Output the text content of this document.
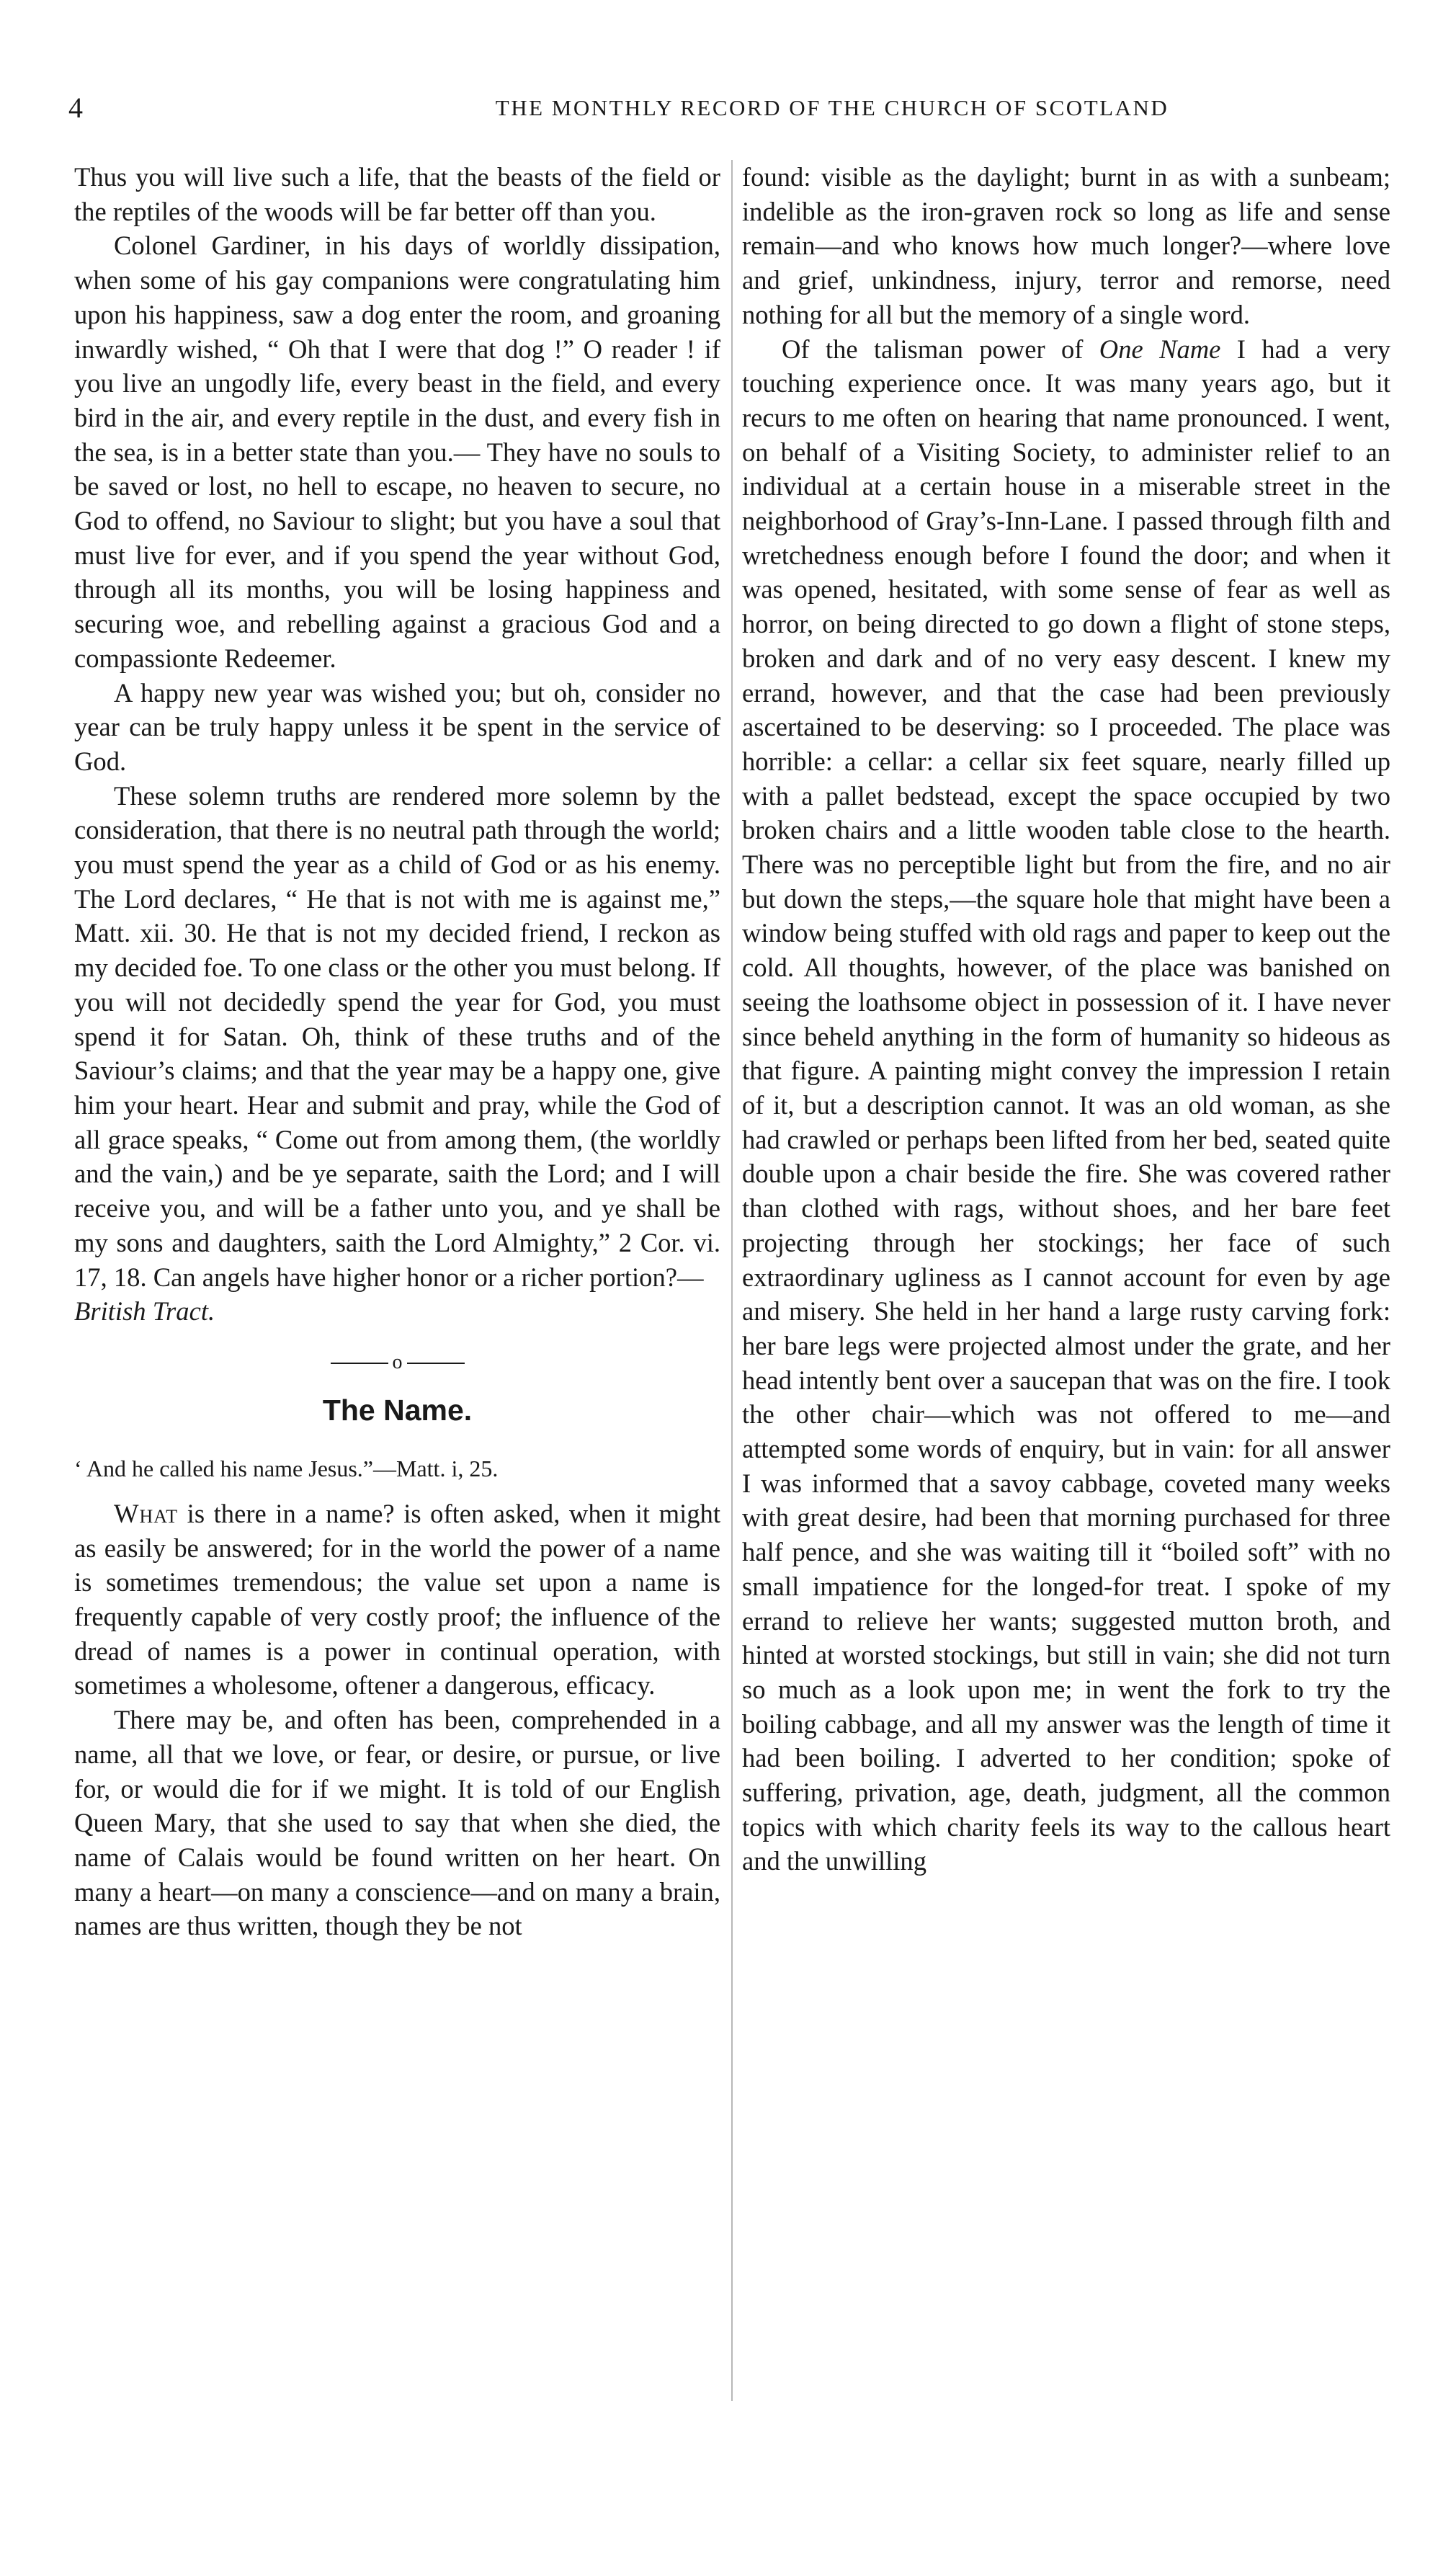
4	THE MONTHLY RECORD OF THE CHURCH OF SCOTLAND

Thus you will live such a life, that the beasts of the field or the reptiles of the woods will be far better off than you.

Colonel Gardiner, in his days of worldly dissipation, when some of his gay companions were congratulating him upon his happiness, saw a dog enter the room, and groaning inwardly wished, “ Oh that I were that dog !” O reader ! if you live an ungodly life, every beast in the field, and every bird in the air, and every reptile in the dust, and every fish in the sea, is in a better state than you.— They have no souls to be saved or lost, no hell to escape, no heaven to secure, no God to offend, no Saviour to slight; but you have a soul that must live for ever, and if you spend the year without God, through all its months, you will be losing happiness and securing woe, and rebelling against a gracious God and a compassionte Redeemer.

A happy new year was wished you; but oh, consider no year can be truly happy unless it be spent in the service of God.

These solemn truths are rendered more solemn by the consideration, that there is no neutral path through the world; you must spend the year as a child of God or as his enemy. The Lord declares, “ He that is not with me is against me,” Matt. xii. 30. He that is not my decided friend, I reckon as my decided foe. To one class or the other you must belong. If you will not decidedly spend the year for God, you must spend it for Satan. Oh, think of these truths and of the Saviour’s claims; and that the year may be a happy one, give him your heart. Hear and submit and pray, while the God of all grace speaks, “ Come out from among them, (the worldly and the vain,) and be ye separate, saith the Lord; and I will receive you, and will be a father unto you, and ye shall be my sons and daughters, saith the Lord Almighty,” 2 Cor. vi. 17, 18. Can angels have higher honor or a richer portion?—

British Tract.

o
The Name.

‘ And he called his name Jesus.”—Matt. i, 25.

What is there in a name? is often asked, when it might as easily be answered; for in the world the power of a name is sometimes tremendous; the value set upon a name is frequently capable of very costly proof; the influence of the dread of names is a power in continual operation, with sometimes a wholesome, oftener a dangerous, efficacy.

There may be, and often has been, comprehended in a name, all that we love, or fear, or desire, or pursue, or live for, or would die for if we might. It is told of our English Queen Mary, that she used to say that when she died, the name of Calais would be found written on her heart. On many a heart—on many a conscience—and on many a brain, names are thus written, though they be not

found: visible as the daylight; burnt in as with a sunbeam; indelible as the iron-graven rock so long as life and sense remain—and who knows how much longer?—where love and grief, unkindness, injury, terror and remorse, need nothing for all but the memory of a single word.

Of the talisman power of One Name I had a very touching experience once. It was many years ago, but it recurs to me often on hearing that name pronounced. I went, on behalf of a Visiting Society, to administer relief to an individual at a certain house in a miserable street in the neighborhood of Gray’s-Inn-Lane. I passed through filth and wretchedness enough before I found the door; and when it was opened, hesitated, with some sense of fear as well as horror, on being directed to go down a flight of stone steps, broken and dark and of no very easy descent. I knew my errand, however, and that the case had been previously ascertained to be deserving: so I proceeded. The place was horrible: a cellar: a cellar six feet square, nearly filled up with a pallet bedstead, except the space occupied by two broken chairs and a little wooden table close to the hearth. There was no perceptible light but from the fire, and no air but down the steps,—the square hole that might have been a window being stuffed with old rags and paper to keep out the cold. All thoughts, however, of the place was banished on seeing the loathsome object in possession of it. I have never since beheld anything in the form of humanity so hideous as that figure. A painting might convey the impression I retain of it, but a description cannot. It was an old woman, as she had crawled or perhaps been lifted from her bed, seated quite double upon a chair beside the fire. She was covered rather than clothed with rags, without shoes, and her bare feet projecting through her stockings; her face of such extraordinary ugliness as I cannot account for even by age and misery. She held in her hand a large rusty carving fork: her bare legs were projected almost under the grate, and her head intently bent over a saucepan that was on the fire. I took the other chair—which was not offered to me—and attempted some words of enquiry, but in vain: for all answer I was informed that a savoy cabbage, coveted many weeks with great desire, had been that morning purchased for three half pence, and she was waiting till it “boiled soft” with no small impatience for the longed-for treat. I spoke of my errand to relieve her wants; suggested mutton broth, and hinted at worsted stockings, but still in vain; she did not turn so much as a look upon me; in went the fork to try the boiling cabbage, and all my answer was the length of time it had been boiling. I adverted to her condition; spoke of suffering, privation, age, death, judgment, all the common topics with which charity feels its way to the callous heart and the unwilling
